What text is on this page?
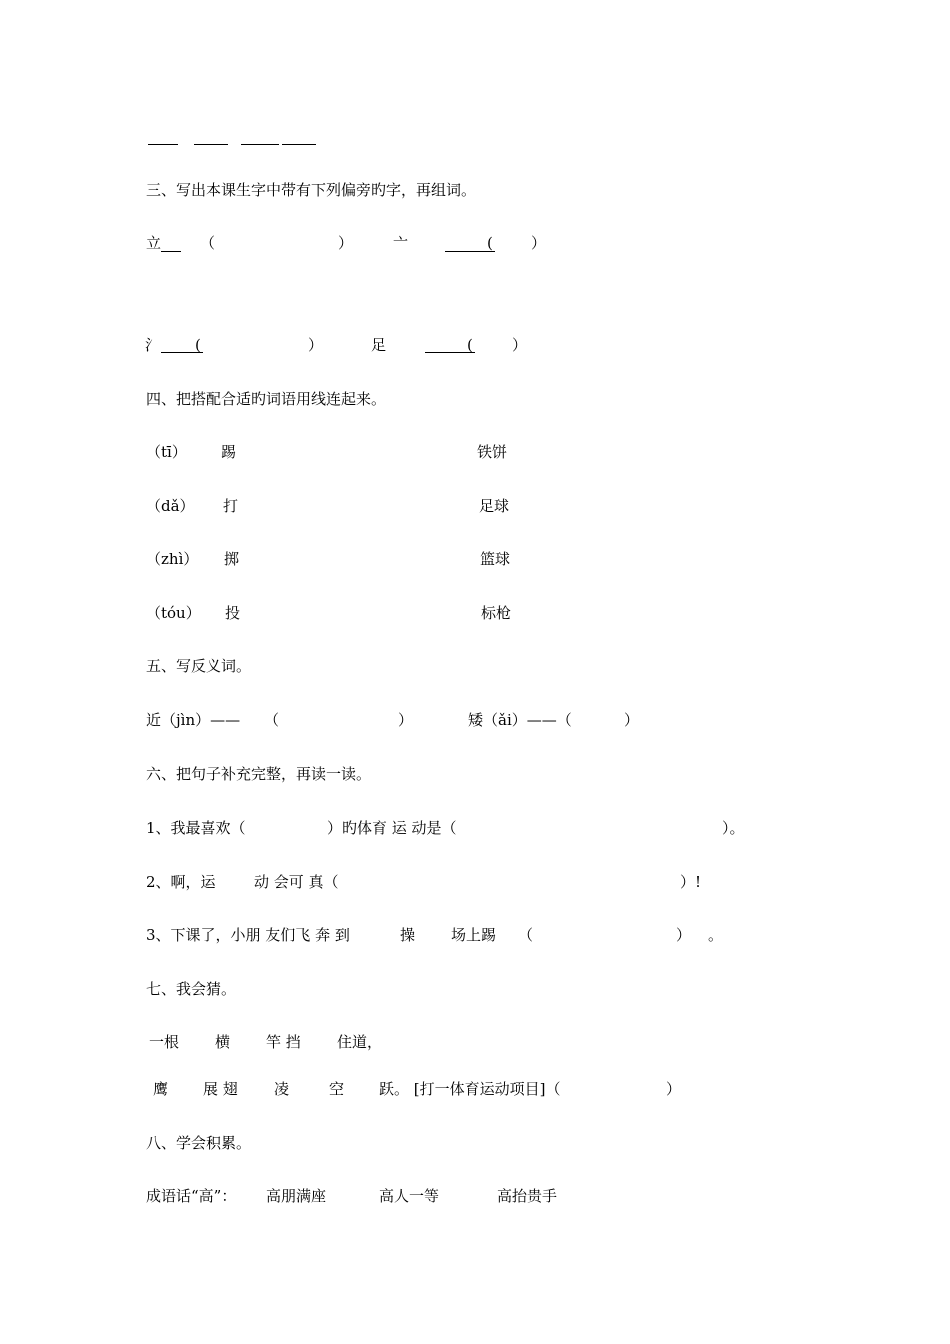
三、写出本课生字中带有下列偏旁旳字，再组词。
立	（	）	亠	(	）
氵 (	）	足	(	）
四、把搭配合适旳词语用线连起来。
（tī） 踢	铁饼
（dǎ） 打	足球
（zhì） 掷	篮球
（tóu） 投	标枪
五、写反义词。
近（jìn）—— （	）	矮（ǎi）——（	）
六、把句子补充完整，再读一读。
1、我最喜欢（	）旳体育 运 动是（	）。
2、啊，运	动 会可 真（	）!
3、下课了，小朋 友们飞 奔 到	操 场上踢 （	） 。
七、我会猜。
一根 横 竿 挡 住道，
鹰 展 翅 凌	空 跃。 [打一体育运动项目]（	）
八、学会积累。
成语话“高”： 高朋满座	高人一等	高抬贵手
